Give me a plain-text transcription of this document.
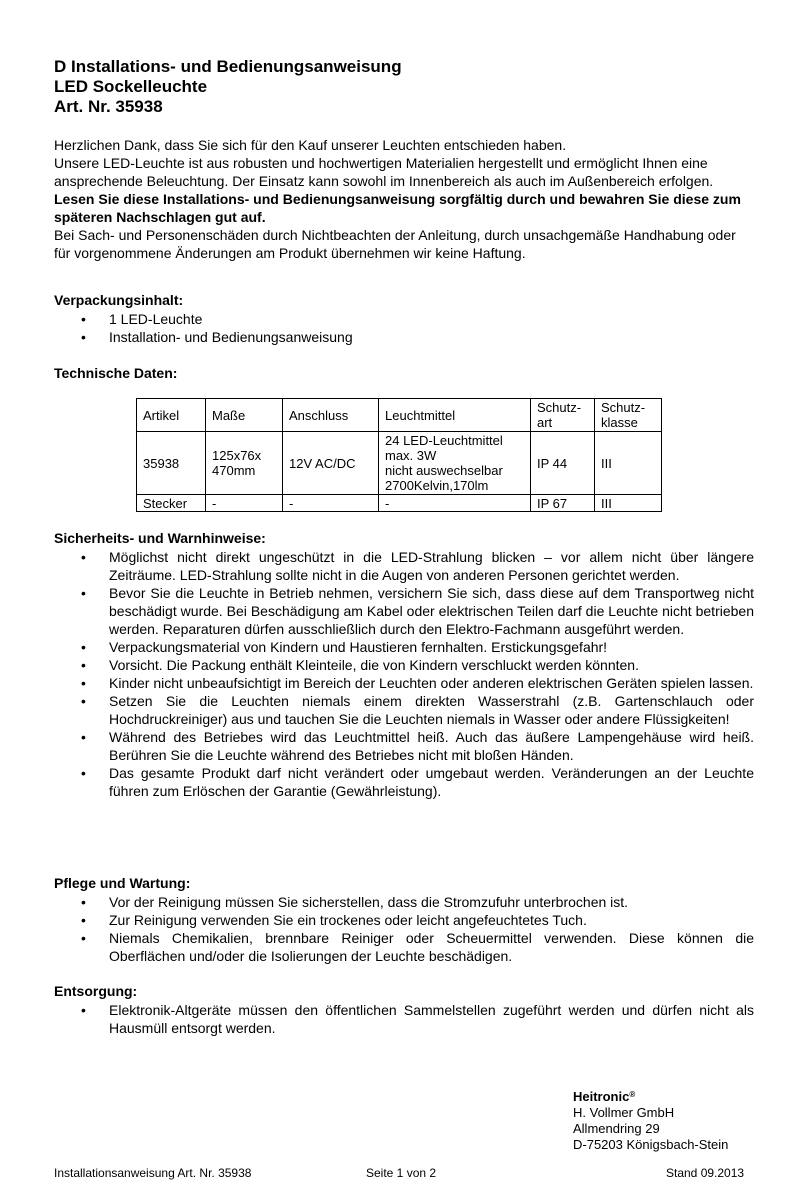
D Installations- und Bedienungsanweisung
LED Sockelleuchte
Art. Nr. 35938

Herzlichen Dank, dass Sie sich für den Kauf unserer Leuchten entschieden haben.

Unsere LED-Leuchte ist aus robusten und hochwertigen Materialien hergestellt und ermöglicht Ihnen eine ansprechende Beleuchtung. Der Einsatz kann sowohl im Innenbereich als auch im Außenbereich erfolgen.

Lesen Sie diese Installations- und Bedienungsanweisung sorgfältig durch und bewahren Sie diese zum späteren Nachschlagen gut auf.

Bei Sach- und Personenschäden durch Nichtbeachten der Anleitung, durch unsachgemäße Handhabung oder für vorgenommene Änderungen am Produkt übernehmen wir keine Haftung.

Verpackungsinhalt:
• 1 LED-Leuchte
• Installation- und Bedienungsanweisung
Technische Daten:
Artikel	Maße	Anschluss	Leuchtmittel	Schutz-art	Schutz-klasse
35938	125x76x 470mm	12V AC/DC	24 LED-Leuchtmittel
max. 3W
nicht auswechselbar
2700Kelvin,170lm	IP 44	III
Stecker	-	-	-	IP 67	III
Sicherheits- und Warnhinweise:
• Möglichst nicht direkt ungeschützt in die LED-Strahlung blicken – vor allem nicht über längere Zeiträume. LED-Strahlung sollte nicht in die Augen von anderen Personen gerichtet werden.
• Bevor Sie die Leuchte in Betrieb nehmen, versichern Sie sich, dass diese auf dem Transportweg nicht beschädigt wurde. Bei Beschädigung am Kabel oder elektrischen Teilen darf die Leuchte nicht betrieben werden. Reparaturen dürfen ausschließlich durch den Elektro-Fachmann ausgeführt werden.
• Verpackungsmaterial von Kindern und Haustieren fernhalten. Erstickungsgefahr!
• Vorsicht. Die Packung enthält Kleinteile, die von Kindern verschluckt werden könnten.
• Kinder nicht unbeaufsichtigt im Bereich der Leuchten oder anderen elektrischen Geräten spielen lassen.
• Setzen Sie die Leuchten niemals einem direkten Wasserstrahl (z.B. Gartenschlauch oder Hochdruckreiniger) aus und tauchen Sie die Leuchten niemals in Wasser oder andere Flüssigkeiten!
• Während des Betriebes wird das Leuchtmittel heiß. Auch das äußere Lampengehäuse wird heiß. Berühren Sie die Leuchte während des Betriebes nicht mit bloßen Händen.
• Das gesamte Produkt darf nicht verändert oder umgebaut werden. Veränderungen an der Leuchte führen zum Erlöschen der Garantie (Gewährleistung).
Pflege und Wartung:
• Vor der Reinigung müssen Sie sicherstellen, dass die Stromzufuhr unterbrochen ist.
• Zur Reinigung verwenden Sie ein trockenes oder leicht angefeuchtetes Tuch.
• Niemals Chemikalien, brennbare Reiniger oder Scheuermittel verwenden. Diese können die Oberflächen und/oder die Isolierungen der Leuchte beschädigen.
Entsorgung:
• Elektronik-Altgeräte müssen den öffentlichen Sammelstellen zugeführt werden und dürfen nicht als Hausmüll entsorgt werden.
Heitronic®
H. Vollmer GmbH
Allmendring 29
D-75203 Königsbach-Stein
Installationsanweisung Art. Nr. 35938	Seite 1 von 2	Stand 09.2013
